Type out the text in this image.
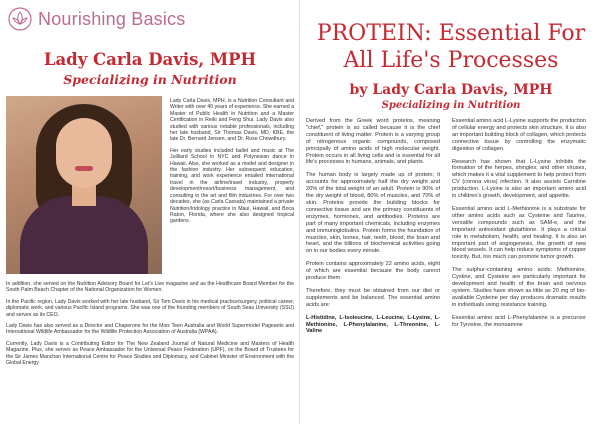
Nourishing Basics
Lady Carla Davis, MPH
Specializing in Nutrition

Lady Carla Davis, MPH, is a Nutrition Consultant and Writer with over 40 years of experience. She earned a Master of Public Health in Nutrition and a Master Certification in Reiki and Feng Shui. Lady Davis also studied with various notable professionals, including her late husband, Sir Thomas Davis, MD, KBE, the late Dr. Bernard Jensen, and Dr. Rose Chowdhury.

Her early studies included ballet and music at The Juilliard School in NYC and Polynesian dance in Hawaii. Also, she worked as a model and designer in the fashion industry. Her subsequent education, training, and work experience entailed international travel in the airline/travel industry, property development/resort/business management, and consulting in the art and film industries. For over two decades, she (as Carla Cassata) maintained a private Nutrition/Iridology practice in Maui, Hawaii, and Boca Raton, Florida, where she also designed tropical gardens.

In addition, she served on the Nutrition Advisory Board for Let's Live magazine and as the Healthcare Board Member for the South Palm Beach Chapter of the National Organization for Women.

In the Pacific region, Lady Davis worked with her late husband, Sir Tom Davis in his medical practice/surgery, political career, diplomatic work, and various Pacific Island programs. She was one of the founding members of South Seas University (SSU) and serves as its CEO.

Lady Davis has also served as a Director and Chaperone for the Miss Teen Australia and World Supermodel Pageants and International Wildlife Ambassador for the Wildlife Protection Association of Australia (WPAA).

Currently, Lady Davis is a Contributing Editor for The New Zealand Journal of Natural Medicine and Masters of Health Magazine. Plus, she serves as Peace Ambassador for the Universal Peace Federation (UPF), on the Board of Trustees for the Sir James Manchan International Centre for Peace Studies and Diplomacy, and Cabinet Minister of Environment with the Global Energy

PROTEIN: Essential For
All Life's Processes
by Lady Carla Davis, MPH
Specializing in Nutrition

Derived from the Greek word proteios, meaning "chief," protein is so called because it is the chief constituent of living matter. Protein is a varying group of nitrogenous organic compounds, composed principally of amino acids of high molecular weight. Protein occurs in all living cells and is essential for all life's processes in humans, animals, and plants.

The human body is largely made up of protein; it accounts for approximately half the dry weight and 20% of the total weight of an adult. Protein is 90% of the dry weight of blood, 80% of muscles, and 70% of skin. Proteins provide the building blocks for connective tissue and are the primary constituents of enzymes, hormones, and antibodies. Proteins are part of many important chemicals, including enzymes and immunoglobulins. Protein forms the foundation of muscles, skin, bones, hair, teeth, blood, the brain and heart, and the billions of biochemical activities going on in our bodies every minute.

Protein contains approximately 22 amino acids, eight of which are essential because the body cannot produce them.

Therefore, they must be obtained from our diet or supplements and be balanced. The essential amino acids are:

L-Histidine, L-Isoleucine, L-Leucine, L-Lysine, L-Methionine, L-Phenylalanine, L-Threonine, L-Valine

Essential amino acid L-Lysine supports the production of cellular energy and protects skin structure. It is also an important building block of collagen, which protects connective tissue by controlling the enzymatic digestion of collagen.

Research has shown that L-Lysine inhibits the formation of the herpes, shingles, and other viruses, which makes it a vital supplement to help protect from CV (corona virus) infection. It also assists Carnitine production. L-Lysine is also an important amino acid in children's growth, development, and appetite.

Essential amino acid L-Methionine is a substrate for other amino acids such as Cysteine and Taurine, versatile compounds such as SAM-e, and the important antioxidant glutathione. It plays a critical role in metabolism, health, and healing. It is also an important part of angiogenesis, the growth of new blood vessels. It can help reduce symptoms of copper toxicity. But, too much can promote tumor growth.

The sulphur-containing amino acids: Methionine, Cystine, and Cysteine are particularly important for development and health of the brain and nervous system. Studies have shown as little as 20 mg of bio-available Cysteine per day produces dramatic results in individuals using resistance training.

Essential amino acid L-Phenylalanine is a precursor for Tyrosine, the monoamine
